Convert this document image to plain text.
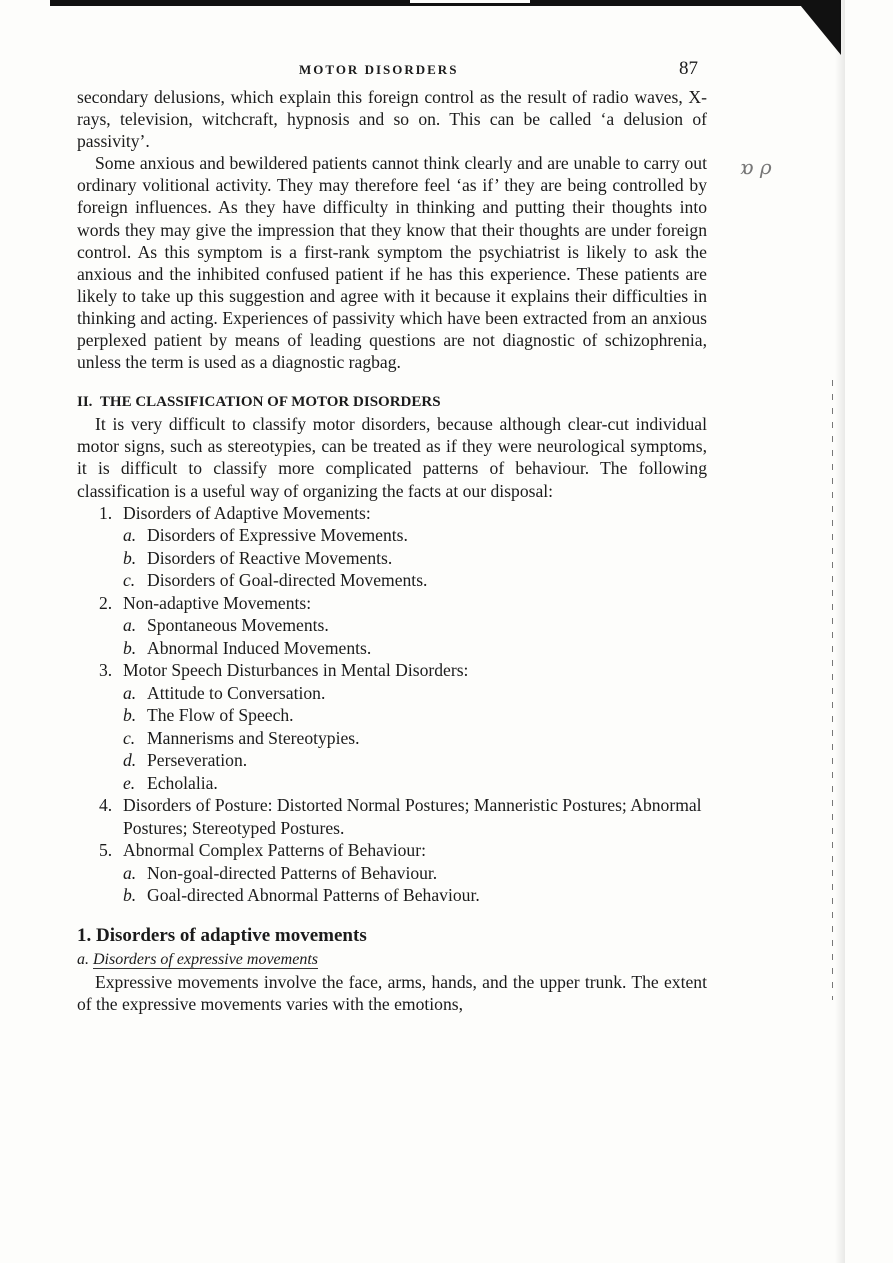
ɒ ρ
MOTOR DISORDERS	87

secondary delusions, which explain this foreign control as the result of radio waves, X-rays, television, witchcraft, hypnosis and so on. This can be called ‘a delusion of passivity’.

Some anxious and bewildered patients cannot think clearly and are unable to carry out ordinary volitional activity. They may therefore feel ‘as if’ they are being controlled by foreign influences. As they have difficulty in thinking and putting their thoughts into words they may give the impression that they know that their thoughts are under foreign control. As this symptom is a first-rank symptom the psychiatrist is likely to ask the anxious and the inhibited confused patient if he has this experience. These patients are likely to take up this suggestion and agree with it because it explains their difficulties in thinking and acting. Experiences of passivity which have been extracted from an anxious perplexed patient by means of leading questions are not diagnostic of schizophrenia, unless the term is used as a diagnostic ragbag.

II. THE CLASSIFICATION OF MOTOR DISORDERS

It is very difficult to classify motor disorders, because although clear-cut individual motor signs, such as stereotypies, can be treated as if they were neurological symptoms, it is difficult to classify more complicated patterns of behaviour. The following classification is a useful way of organizing the facts at our disposal:

1. Disorders of Adaptive Movements:
a. Disorders of Expressive Movements.
b. Disorders of Reactive Movements.
c. Disorders of Goal-directed Movements.
2. Non-adaptive Movements:
a. Spontaneous Movements.
b. Abnormal Induced Movements.
3. Motor Speech Disturbances in Mental Disorders:
a. Attitude to Conversation.
b. The Flow of Speech.
c. Mannerisms and Stereotypies.
d. Perseveration.
e. Echolalia.
4. Disorders of Posture: Distorted Normal Postures; Manneristic Postures; Abnormal Postures; Stereotyped Postures.
5. Abnormal Complex Patterns of Behaviour:
a. Non-goal-directed Patterns of Behaviour.
b. Goal-directed Abnormal Patterns of Behaviour.
1. Disorders of adaptive movements
a. Disorders of expressive movements

Expressive movements involve the face, arms, hands, and the upper trunk. The extent of the expressive movements varies with the emotions,
